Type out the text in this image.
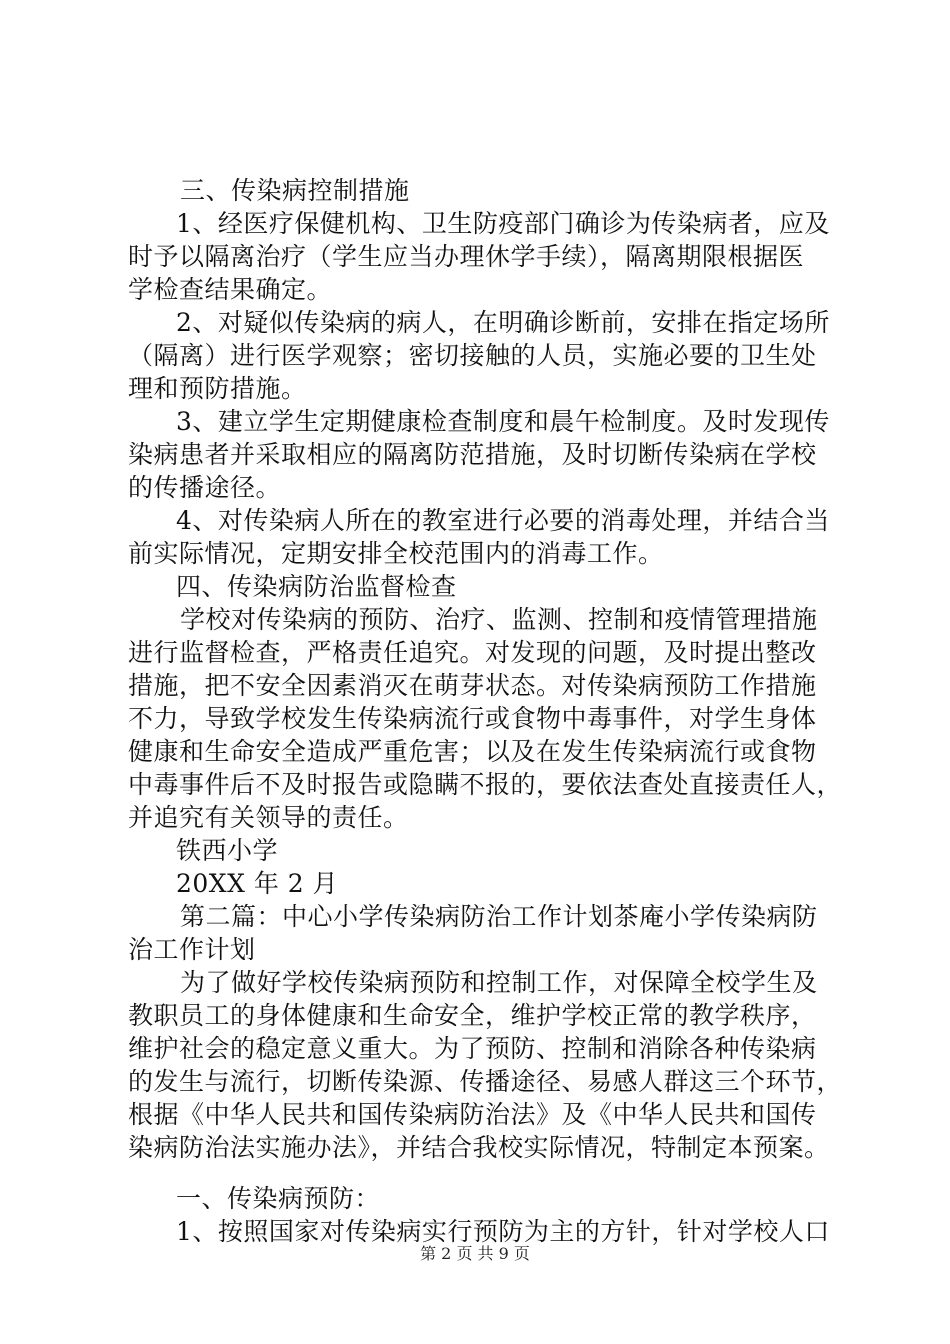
三、传染病控制措施
1、经医疗保健机构、卫生防疫部门确诊为传染病者，应及
时予以隔离治疗（学生应当办理休学手续），隔离期限根据医
学检查结果确定。
2、对疑似传染病的病人，在明确诊断前，安排在指定场所
（隔离）进行医学观察；密切接触的人员，实施必要的卫生处
理和预防措施。
3、建立学生定期健康检查制度和晨午检制度。及时发现传
染病患者并采取相应的隔离防范措施，及时切断传染病在学校
的传播途径。
4、对传染病人所在的教室进行必要的消毒处理，并结合当
前实际情况，定期安排全校范围内的消毒工作。
四、传染病防治监督检查
学校对传染病的预防、治疗、监测、控制和疫情管理措施
进行监督检查，严格责任追究。对发现的问题，及时提出整改
措施，把不安全因素消灭在萌芽状态。对传染病预防工作措施
不力，导致学校发生传染病流行或食物中毒事件，对学生身体
健康和生命安全造成严重危害；以及在发生传染病流行或食物
中毒事件后不及时报告或隐瞒不报的，要依法查处直接责任人，
并追究有关领导的责任。
铁西小学
20XX 年 2 月
第二篇：中心小学传染病防治工作计划茶庵小学传染病防
治工作计划
为了做好学校传染病预防和控制工作，对保障全校学生及
教职员工的身体健康和生命安全，维护学校正常的教学秩序，
维护社会的稳定意义重大。为了预防、控制和消除各种传染病
的发生与流行，切断传染源、传播途径、易感人群这三个环节，
根据《中华人民共和国传染病防治法》及《中华人民共和国传
染病防治法实施办法》，并结合我校实际情况，特制定本预案。
一、传染病预防：
1、按照国家对传染病实行预防为主的方针，针对学校人口
第 2 页 共 9 页
